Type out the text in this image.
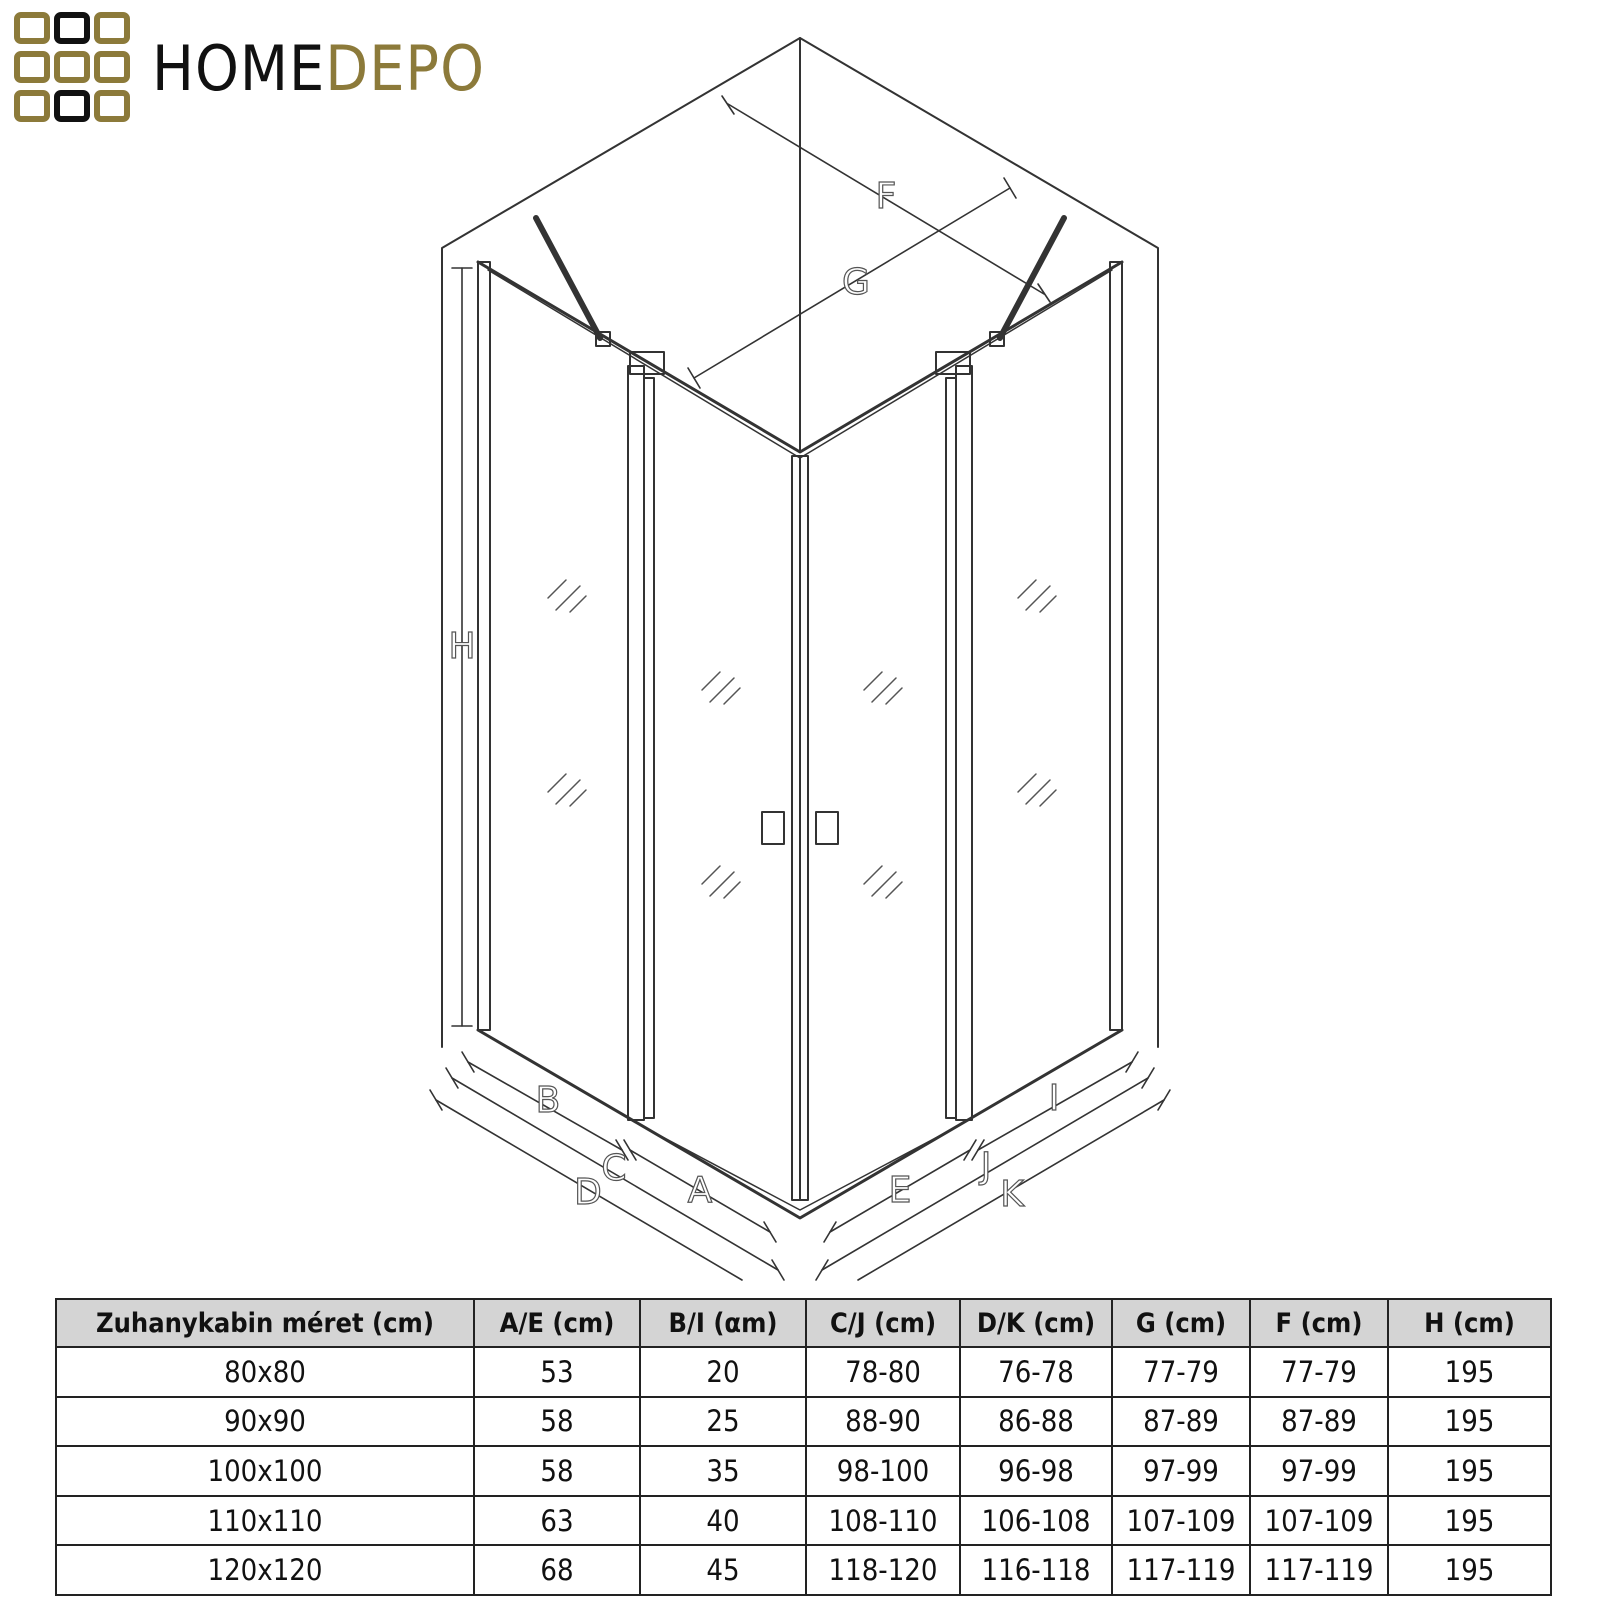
HOMEDEPO
H
F
G
B
C
A
D	E
I
J
K
Zuhanykabin méret (cm)	A/E (cm)	B/I (αm)	C/J (cm)	D/K (cm)	G (cm)	F (cm)	H (cm)
80x80	53	20	78-80	76-78	77-79	77-79	195
90x90	58	25	88-90	86-88	87-89	87-89	195
100x100	58	35	98-100	96-98	97-99	97-99	195
110x110	63	40	108-110	106-108	107-109	107-109	195
120x120	68	45	118-120	116-118	117-119	117-119	195
